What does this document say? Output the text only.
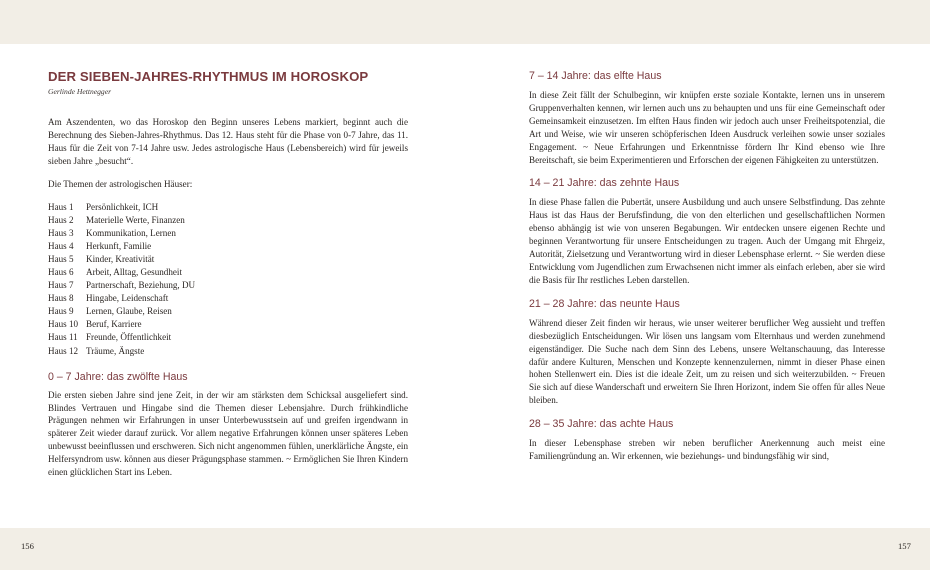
DER SIEBEN-JAHRES-RHYTHMUS IM HOROSKOP
Gerlinde Hettnegger

Am Aszendenten, wo das Horoskop den Beginn unseres Lebens markiert, beginnt auch die Berechnung des Sieben-Jahres-Rhythmus. Das 12. Haus steht für die Phase von 0-7 Jahre, das 11. Haus für die Zeit von 7-14 Jahre usw. Jedes astrologische Haus (Lebensbereich) wird für jeweils sieben Jahre „besucht“.

Die Themen der astrologischen Häuser:

Haus 1	Persönlichkeit, ICH
Haus 2	Materielle Werte, Finanzen
Haus 3	Kommunikation, Lernen
Haus 4	Herkunft, Familie
Haus 5	Kinder, Kreativität
Haus 6	Arbeit, Alltag, Gesundheit
Haus 7	Partnerschaft, Beziehung, DU
Haus 8	Hingabe, Leidenschaft
Haus 9	Lernen, Glaube, Reisen
Haus 10 Beruf, Karriere
Haus 11 Freunde, Öffentlichkeit
Haus 12 Träume, Ängste
0 – 7 Jahre: das zwölfte Haus

Die ersten sieben Jahre sind jene Zeit, in der wir am stärksten dem Schicksal ausgeliefert sind. Blindes Vertrauen und Hingabe sind die Themen dieser Lebensjahre. Durch frühkindliche Prägungen nehmen wir Erfahrungen in unser Unterbewusstsein auf und greifen irgendwann in späterer Zeit wieder darauf zurück. Vor allem negative Erfahrungen können unser späteres Leben unbewusst beeinflussen und erschweren. Sich nicht angenommen fühlen, unerklärliche Ängste, ein Helfersyndrom usw. können aus dieser Prägungsphase stammen. ~ Ermöglichen Sie Ihren Kindern einen glücklichen Start ins Leben.

7 – 14 Jahre: das elfte Haus

In diese Zeit fällt der Schulbeginn, wir knüpfen erste soziale Kontakte, lernen uns in unserem Gruppenverhalten kennen, wir lernen auch uns zu behaupten und uns für eine Gemeinschaft oder Gemeinsamkeit einzusetzen. Im elften Haus finden wir jedoch auch unser Freiheitspotenzial, die Art und Weise, wie wir unseren schöpferischen Ideen Ausdruck verleihen sowie unser soziales Engagement. ~ Neue Erfahrungen und Erkenntnisse fördern Ihr Kind ebenso wie Ihre Bereitschaft, sie beim Experimentieren und Erforschen der eigenen Fähigkeiten zu unterstützen.

14 – 21 Jahre: das zehnte Haus

In diese Phase fallen die Pubertät, unsere Ausbildung und auch unsere Selbstfindung. Das zehnte Haus ist das Haus der Berufsfindung, die von den elterlichen und gesellschaftlichen Normen ebenso abhängig ist wie von unseren Begabungen. Wir entdecken unsere eigenen Rechte und beginnen Verantwortung für unsere Entscheidungen zu tragen. Auch der Umgang mit Ehrgeiz, Autorität, Zielsetzung und Verantwortung wird in dieser Lebensphase erlernt. ~ Sie werden diese Entwicklung vom Jugendlichen zum Erwachsenen nicht immer als einfach erleben, aber sie wird die Basis für Ihr restliches Leben darstellen.

21 – 28 Jahre: das neunte Haus

Während dieser Zeit finden wir heraus, wie unser weiterer beruflicher Weg aussieht und treffen diesbezüglich Entscheidungen. Wir lösen uns langsam vom Elternhaus und werden zunehmend eigenständiger. Die Suche nach dem Sinn des Lebens, unsere Weltanschauung, das Interesse dafür andere Kulturen, Menschen und Konzepte kennenzulernen, nimmt in dieser Phase einen hohen Stellenwert ein. Dies ist die ideale Zeit, um zu reisen und sich weiterzubilden. ~ Freuen Sie sich auf diese Wanderschaft und erweitern Sie Ihren Horizont, indem Sie offen für alles Neue bleiben.

28 – 35 Jahre: das achte Haus

In dieser Lebensphase streben wir neben beruflicher Anerkennung auch meist eine Familiengründung an. Wir erkennen, wie beziehungs- und bindungsfähig wir sind,

156	157
